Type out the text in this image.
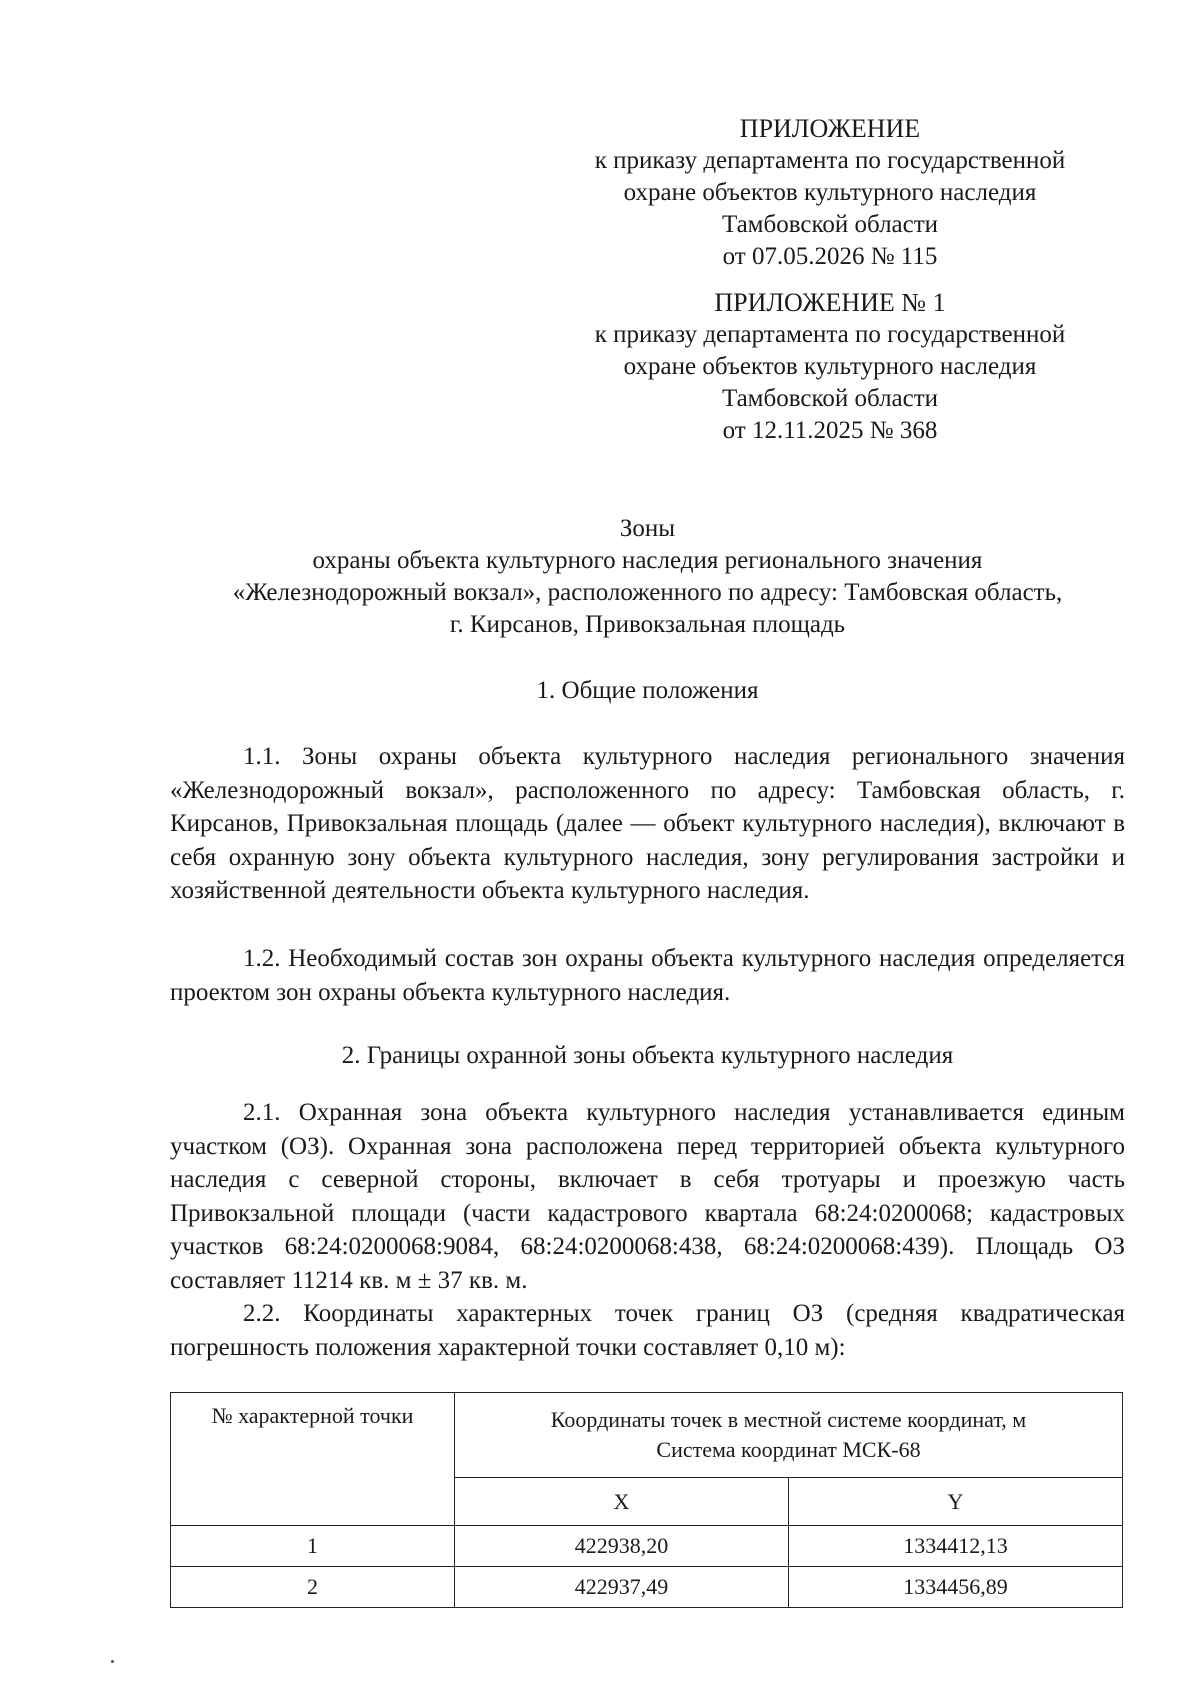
ПРИЛОЖЕНИЕ
к приказу департамента по государственной
охране объектов культурного наследия
Тамбовской области
от 07.05.2026 № 115
ПРИЛОЖЕНИЕ № 1
к приказу департамента по государственной
охране объектов культурного наследия
Тамбовской области
от 12.11.2025 № 368
Зоны
охраны объекта культурного наследия регионального значения
«Железнодорожный вокзал», расположенного по адресу: Тамбовская область,
г. Кирсанов, Привокзальная площадь
1. Общие положения
1.1. Зоны охраны объекта культурного наследия регионального значения «Железнодорожный вокзал», расположенного по адресу: Тамбовская область, г. Кирсанов, Привокзальная площадь (далее — объект культурного наследия), включают в себя охранную зону объекта культурного наследия, зону регулирования застройки и хозяйственной деятельности объекта культурного наследия.
1.2. Необходимый состав зон охраны объекта культурного наследия определяется проектом зон охраны объекта культурного наследия.
2. Границы охранной зоны объекта культурного наследия
2.1. Охранная зона объекта культурного наследия устанавливается единым участком (ОЗ). Охранная зона расположена перед территорией объекта культурного наследия с северной стороны, включает в себя тротуары и проезжую часть Привокзальной площади (части кадастрового квартала 68:24:0200068; кадастровых участков 68:24:0200068:9084, 68:24:0200068:438, 68:24:0200068:439). Площадь ОЗ составляет 11214 кв. м ± 37 кв. м.
2.2. Координаты характерных точек границ ОЗ (средняя квадратическая погрешность положения характерной точки составляет 0,10 м):
№ характерной точки	Координаты точек в местной системе координат, м
Система координат МСК-68	

	X	Y
1	422938,20	1334412,13
2	422937,49	1334456,89
